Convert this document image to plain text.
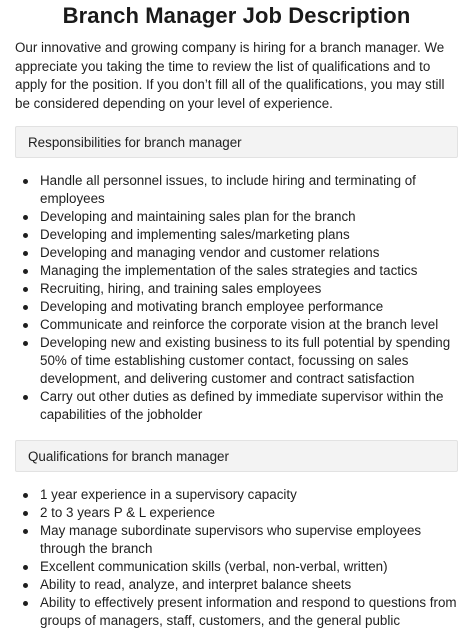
Branch Manager Job Description

Our innovative and growing company is hiring for a branch manager. We appreciate you taking the time to review the list of qualifications and to apply for the position. If you don’t fill all of the qualifications, you may still be considered depending on your level of experience.

Responsibilities for branch manager
Handle all personnel issues, to include hiring and terminating of employees
Developing and maintaining sales plan for the branch
Developing and implementing sales/marketing plans
Developing and managing vendor and customer relations
Managing the implementation of the sales strategies and tactics
Recruiting, hiring, and training sales employees
Developing and motivating branch employee performance
Communicate and reinforce the corporate vision at the branch level
Developing new and existing business to its full potential by spending 50% of time establishing customer contact, focussing on sales development, and delivering customer and contract satisfaction
Carry out other duties as defined by immediate supervisor within the capabilities of the jobholder
Qualifications for branch manager
1 year experience in a supervisory capacity
2 to 3 years P & L experience
May manage subordinate supervisors who supervise employees through the branch
Excellent communication skills (verbal, non-verbal, written)
Ability to read, analyze, and interpret balance sheets
Ability to effectively present information and respond to questions from groups of managers, staff, customers, and the general public
